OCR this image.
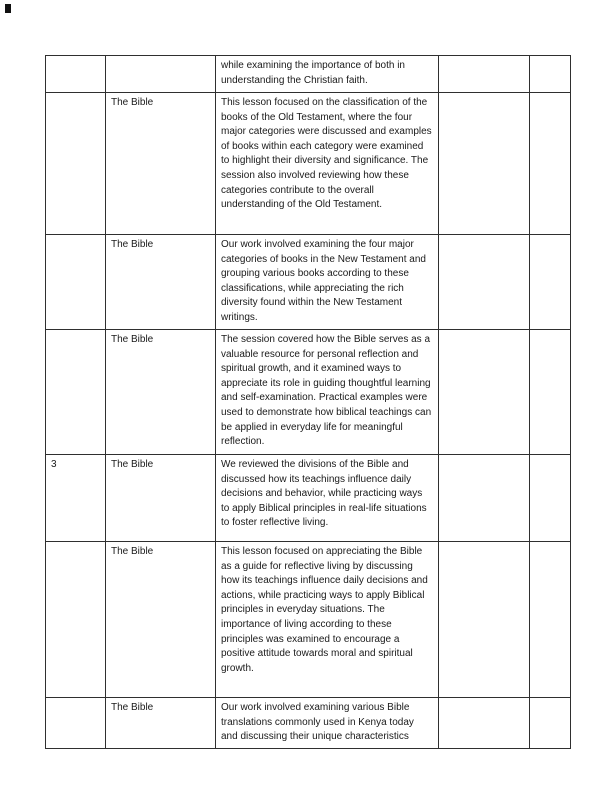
		while examining the importance of both in understanding the Christian faith.		
	The Bible	This lesson focused on the classification of the books of the Old Testament, where the four major categories were discussed and examples of books within each category were examined to highlight their diversity and significance. The session also involved reviewing how these categories contribute to the overall understanding of the Old Testament.		
	The Bible	Our work involved examining the four major categories of books in the New Testament and grouping various books according to these classifications, while appreciating the rich diversity found within the New Testament writings.		
	The Bible	The session covered how the Bible serves as a valuable resource for personal reflection and spiritual growth, and it examined ways to appreciate its role in guiding thoughtful learning and self-examination. Practical examples were used to demonstrate how biblical teachings can be applied in everyday life for meaningful reflection.		
3	The Bible	We reviewed the divisions of the Bible and discussed how its teachings influence daily decisions and behavior, while practicing ways to apply Biblical principles in real-life situations to foster reflective living.		
	The Bible	This lesson focused on appreciating the Bible as a guide for reflective living by discussing how its teachings influence daily decisions and actions, while practicing ways to apply Biblical principles in everyday situations. The importance of living according to these principles was examined to encourage a positive attitude towards moral and spiritual growth.		
	The Bible	Our work involved examining various Bible translations commonly used in Kenya today and discussing their unique characteristics		
